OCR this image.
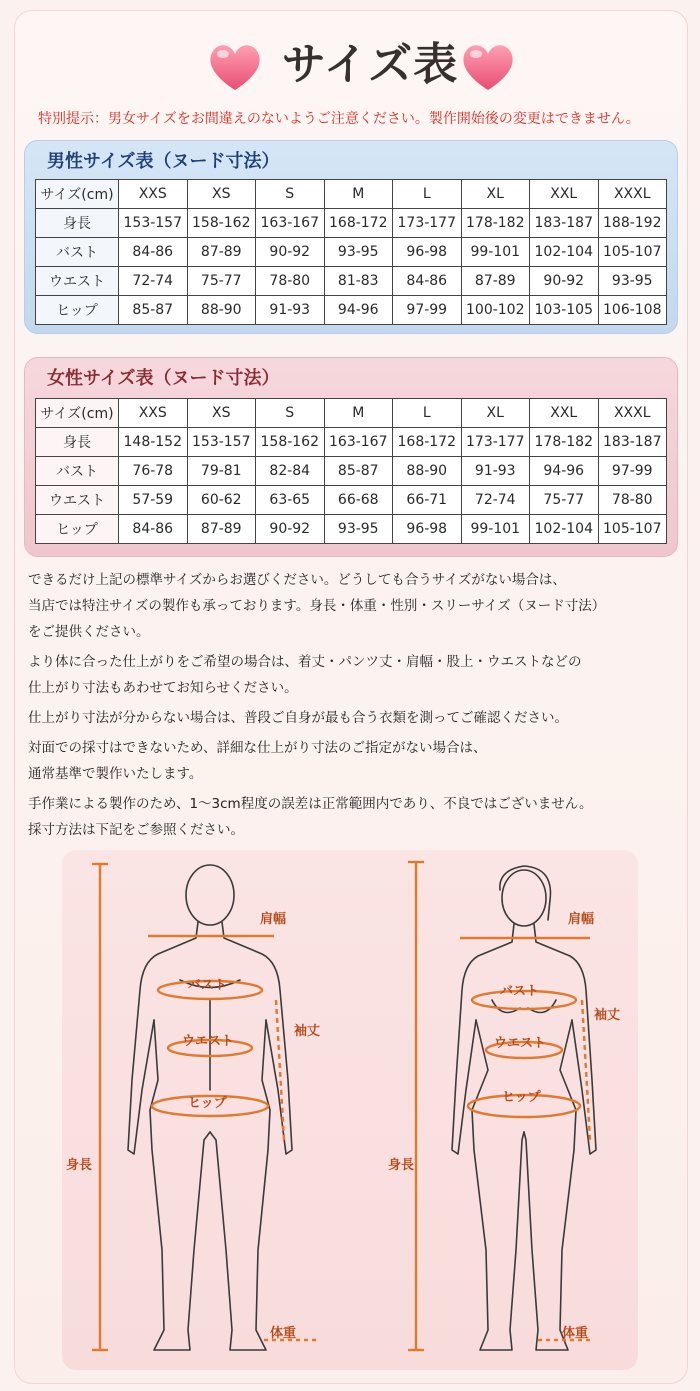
サイズ表
特別提示：男女サイズをお間違えのないようご注意ください。製作開始後の変更はできません。
男性サイズ表（ヌード寸法）
サイズ(cm)	XXS	XS	S	M	L	XL	XXL	XXXL
身長	153-157	158-162	163-167	168-172	173-177	178-182	183-187	188-192
バスト	84-86	87-89	90-92	93-95	96-98	99-101	102-104	105-107
ウエスト	72-74	75-77	78-80	81-83	84-86	87-89	90-92	93-95
ヒップ	85-87	88-90	91-93	94-96	97-99	100-102	103-105	106-108
女性サイズ表（ヌード寸法）
サイズ(cm)	XXS	XS	S	M	L	XL	XXL	XXXL
身長	148-152	153-157	158-162	163-167	168-172	173-177	178-182	183-187
バスト	76-78	79-81	82-84	85-87	88-90	91-93	94-96	97-99
ウエスト	57-59	60-62	63-65	66-68	66-71	72-74	75-77	78-80
ヒップ	84-86	87-89	90-92	93-95	96-98	99-101	102-104	105-107
できるだけ上記の標準サイズからお選びください。どうしても合うサイズがない場合は、
当店では特注サイズの製作も承っております。身長・体重・性別・スリーサイズ（ヌード寸法）
をご提供ください。
より体に合った仕上がりをご希望の場合は、着丈・パンツ丈・肩幅・股上・ウエストなどの
仕上がり寸法もあわせてお知らせください。
仕上がり寸法が分からない場合は、普段ご自身が最も合う衣類を測ってご確認ください。
対面での採寸はできないため、詳細な仕上がり寸法のご指定がない場合は、
通常基準で製作いたします。
手作業による製作のため、1〜3cm程度の誤差は正常範囲内であり、不良ではございません。
採寸方法は下記をご参照ください。
肩幅
バスト
袖丈
ウエスト
ヒップ
身長
体重
肩幅
バスト
袖丈
ウエスト
ヒップ
身長
体重
